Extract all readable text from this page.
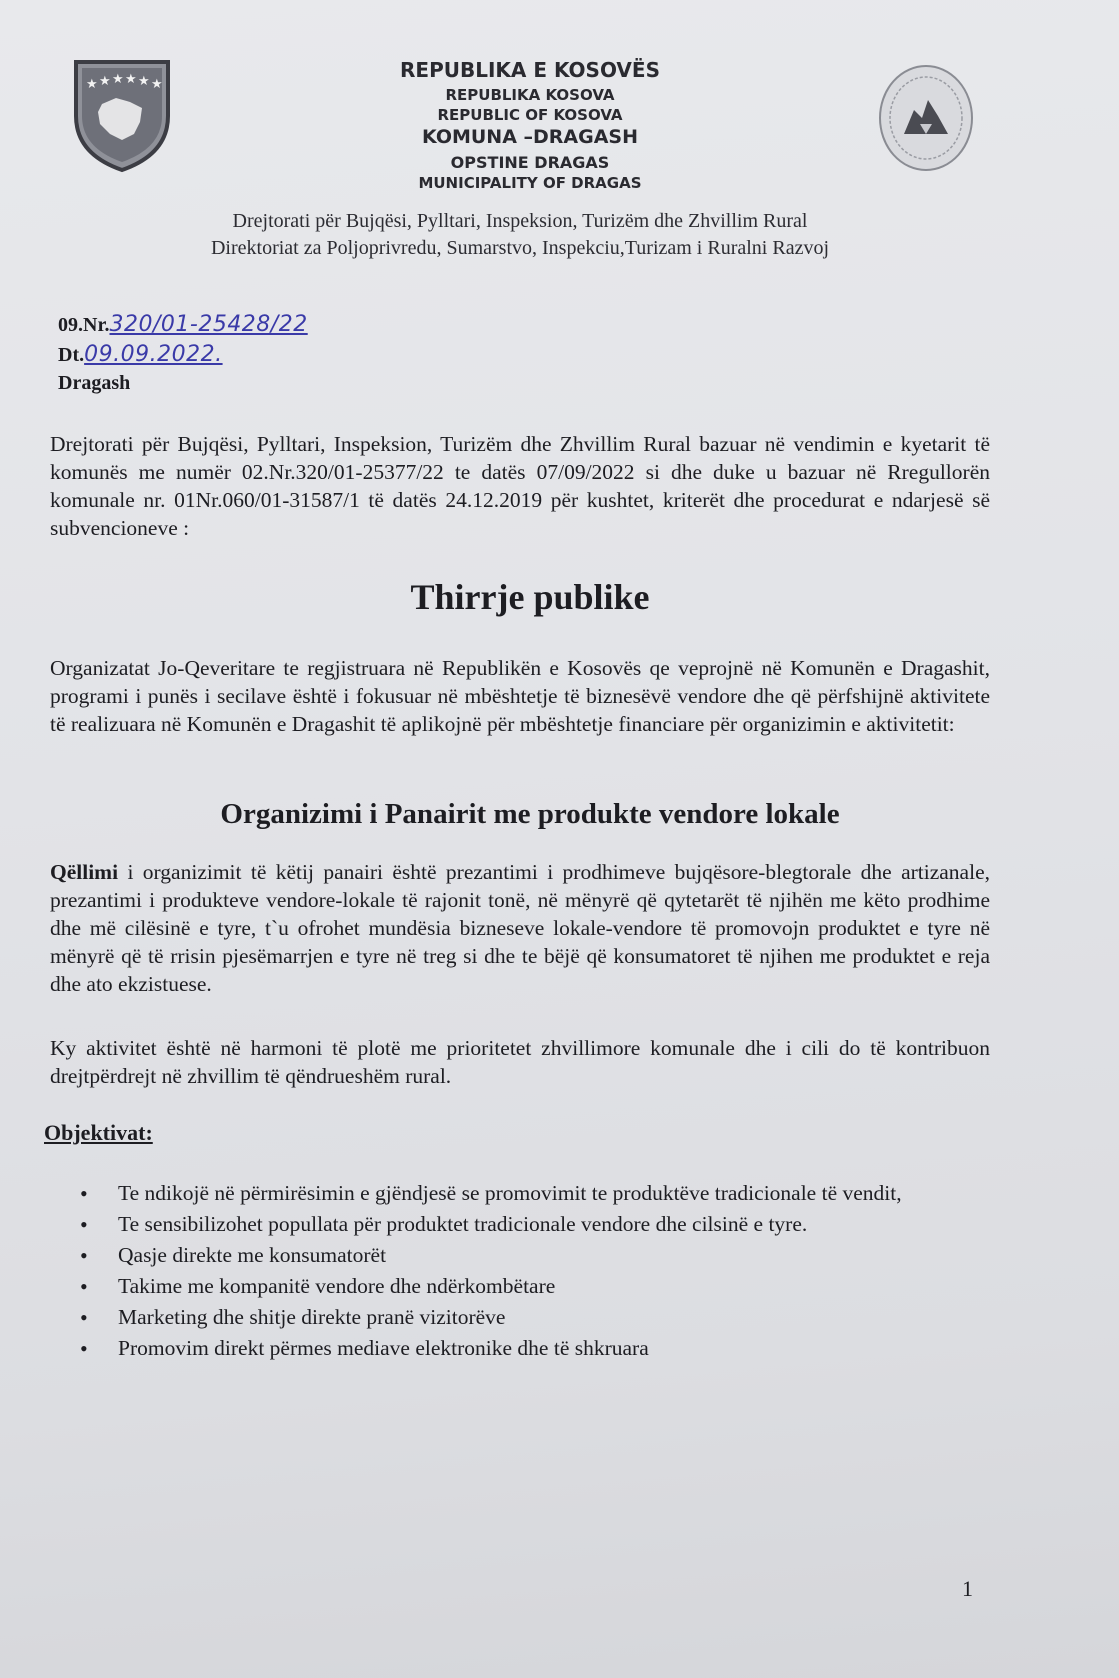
★ ★ ★ ★ ★ ★

REPUBLIKA E KOSOVËS

REPUBLIKA KOSOVA

REPUBLIC OF KOSOVA

KOMUNA –DRAGASH

OPSTINE DRAGAS

MUNICIPALITY OF DRAGAS

Drejtorati për Bujqësi, Pylltari, Inspeksion, Turizëm dhe Zhvillim Rural

Direktoriat za Poljoprivredu, Sumarstvo, Inspekciu,Turizam i Ruralni Razvoj

09.Nr.320/01-25428/22

Dt.09.09.2022.

Dragash

Drejtorati për Bujqësi, Pylltari, Inspeksion, Turizëm dhe Zhvillim Rural bazuar në vendimin e kyetarit të komunës me numër 02.Nr.320/01-25377/22 te datës 07/09/2022 si dhe duke u bazuar në Rregullorën komunale nr. 01Nr.060/01-31587/1 të datës 24.12.2019 për kushtet, kriterët dhe procedurat e ndarjesë së subvencioneve :

Thirrje publike

Organizatat Jo-Qeveritare te regjistruara në Republikën e Kosovës qe veprojnë në Komunën e Dragashit, programi i punës i secilave është i fokusuar në mbështetje të biznesëvë vendore dhe që përfshijnë aktivitete të realizuara në Komunën e Dragashit të aplikojnë për mbështetje financiare për organizimin e aktivitetit:

Organizimi i Panairit me produkte vendore lokale

Qëllimi i organizimit të këtij panairi është prezantimi i prodhimeve bujqësore-blegtorale dhe artizanale, prezantimi i produkteve vendore-lokale të rajonit tonë, në mënyrë që qytetarët të njihën me këto prodhime dhe më cilësinë e tyre, t`u ofrohet mundësia bizneseve lokale-vendore të promovojn produktet e tyre në mënyrë që të rrisin pjesëmarrjen e tyre në treg si dhe te bëjë që konsumatoret të njihen me produktet e reja dhe ato ekzistuese.

Ky aktivitet është në harmoni të plotë me prioritetet zhvillimore komunale dhe i cili do të kontribuon drejtpërdrejt në zhvillim të qëndrueshëm rural.

Objektivat:

• Te ndikojë në përmirësimin e gjëndjesë se promovimit te produktëve tradicionale të vendit,
• Te sensibilizohet popullata për produktet tradicionale vendore dhe cilsinë e tyre.
• Qasje direkte me konsumatorët
• Takime me kompanitë vendore dhe ndërkombëtare
• Marketing dhe shitje direkte pranë vizitorëve
• Promovim direkt përmes mediave elektronike dhe të shkruara

1
